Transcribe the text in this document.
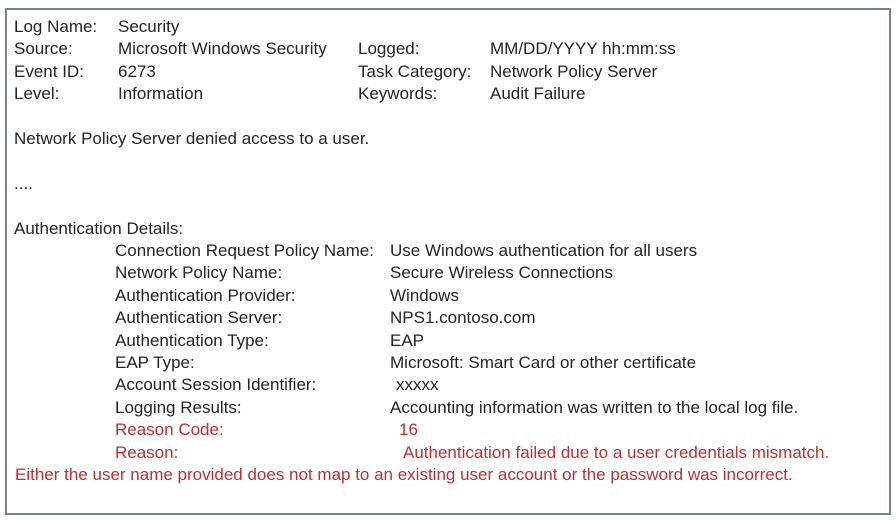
Log Name:	Security
Source:	Microsoft Windows Security	Logged:	MM/DD/YYYY hh:mm:ss
Event ID:	6273	Task Category:	Network Policy Server
Level:	Information	Keywords:	Audit Failure
Network Policy Server denied access to a user.
....
Authentication Details:
Connection Request Policy Name: Use Windows authentication for all users
Network Policy Name:	Secure Wireless Connections
Authentication Provider:	Windows
Authentication Server:	NPS1.contoso.com
Authentication Type:	EAP
EAP Type:	Microsoft: Smart Card or other certificate
Account Session Identifier:	xxxxx
Logging Results:	Accounting information was written to the local log file.
Reason Code:	16
Reason:	Authentication failed due to a user credentials mismatch.
Either the user name provided does not map to an existing user account or the password was incorrect.
